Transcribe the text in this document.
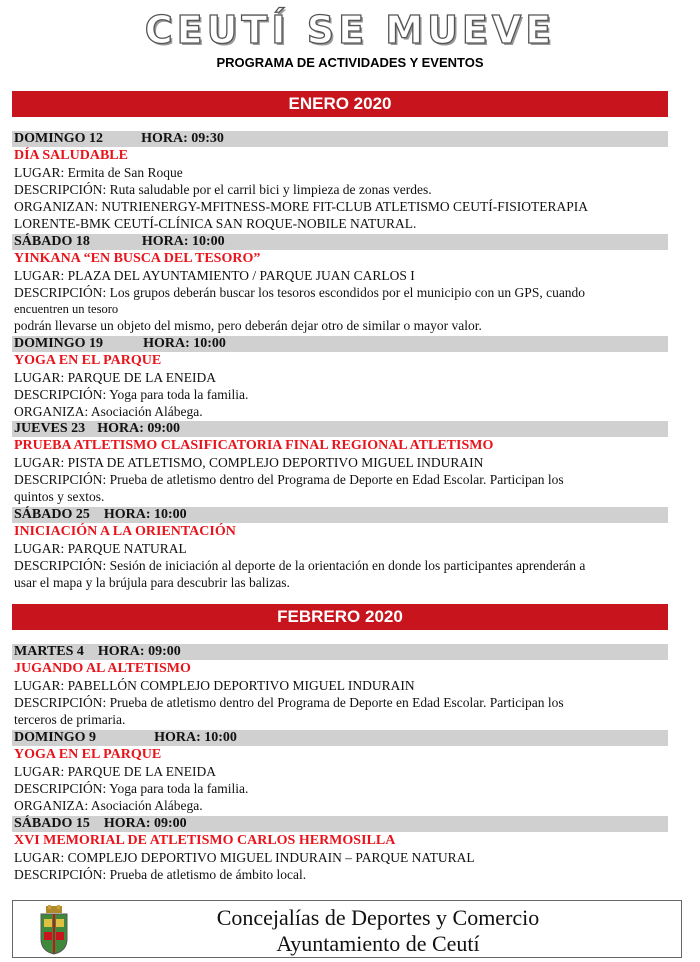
CEUTÍ SE MUEVE
PROGRAMA DE ACTIVIDADES Y EVENTOS
ENERO 2020
DOMINGO 12	HORA: 09:30
DÍA SALUDABLE
LUGAR: Ermita de San Roque
DESCRIPCIÓN: Ruta saludable por el carril bici y limpieza de zonas verdes.
ORGANIZAN: NUTRIENERGY-MFITNESS-MORE FIT-CLUB ATLETISMO CEUTÍ-FISIOTERAPIA
LORENTE-BMK CEUTÍ-CLÍNICA SAN ROQUE-NOBILE NATURAL.
SÁBADO 18	HORA: 10:00
YINKANA “EN BUSCA DEL TESORO”
LUGAR: PLAZA DEL AYUNTAMIENTO / PARQUE JUAN CARLOS I
DESCRIPCIÓN: Los grupos deberán buscar los tesoros escondidos por el municipio con un GPS, cuando
encuentren un tesoro
podrán llevarse un objeto del mismo, pero deberán dejar otro de similar o mayor valor.
DOMINGO 19	HORA: 10:00
YOGA EN EL PARQUE
LUGAR: PARQUE DE LA ENEIDA
DESCRIPCIÓN: Yoga para toda la familia.
ORGANIZA: Asociación Alábega.
JUEVES 23 HORA: 09:00
PRUEBA ATLETISMO CLASIFICATORIA FINAL REGIONAL ATLETISMO
LUGAR: PISTA DE ATLETISMO, COMPLEJO DEPORTIVO MIGUEL INDURAIN
DESCRIPCIÓN: Prueba de atletismo dentro del Programa de Deporte en Edad Escolar. Participan los
quintos y sextos.
SÁBADO 25 HORA: 10:00
INICIACIÓN A LA ORIENTACIÓN
LUGAR: PARQUE NATURAL
DESCRIPCIÓN: Sesión de iniciación al deporte de la orientación en donde los participantes aprenderán a
usar el mapa y la brújula para descubrir las balizas.
FEBRERO 2020
MARTES 4 HORA: 09:00
JUGANDO AL ALTETISMO
LUGAR: PABELLÓN COMPLEJO DEPORTIVO MIGUEL INDURAIN
DESCRIPCIÓN: Prueba de atletismo dentro del Programa de Deporte en Edad Escolar. Participan los
terceros de primaria.
DOMINGO 9	HORA: 10:00
YOGA EN EL PARQUE
LUGAR: PARQUE DE LA ENEIDA
DESCRIPCIÓN: Yoga para toda la familia.
ORGANIZA: Asociación Alábega.
SÁBADO 15 HORA: 09:00
XVI MEMORIAL DE ATLETISMO CARLOS HERMOSILLA
LUGAR: COMPLEJO DEPORTIVO MIGUEL INDURAIN – PARQUE NATURAL
DESCRIPCIÓN: Prueba de atletismo de ámbito local.
Concejalías de Deportes y Comercio
Ayuntamiento de Ceutí
